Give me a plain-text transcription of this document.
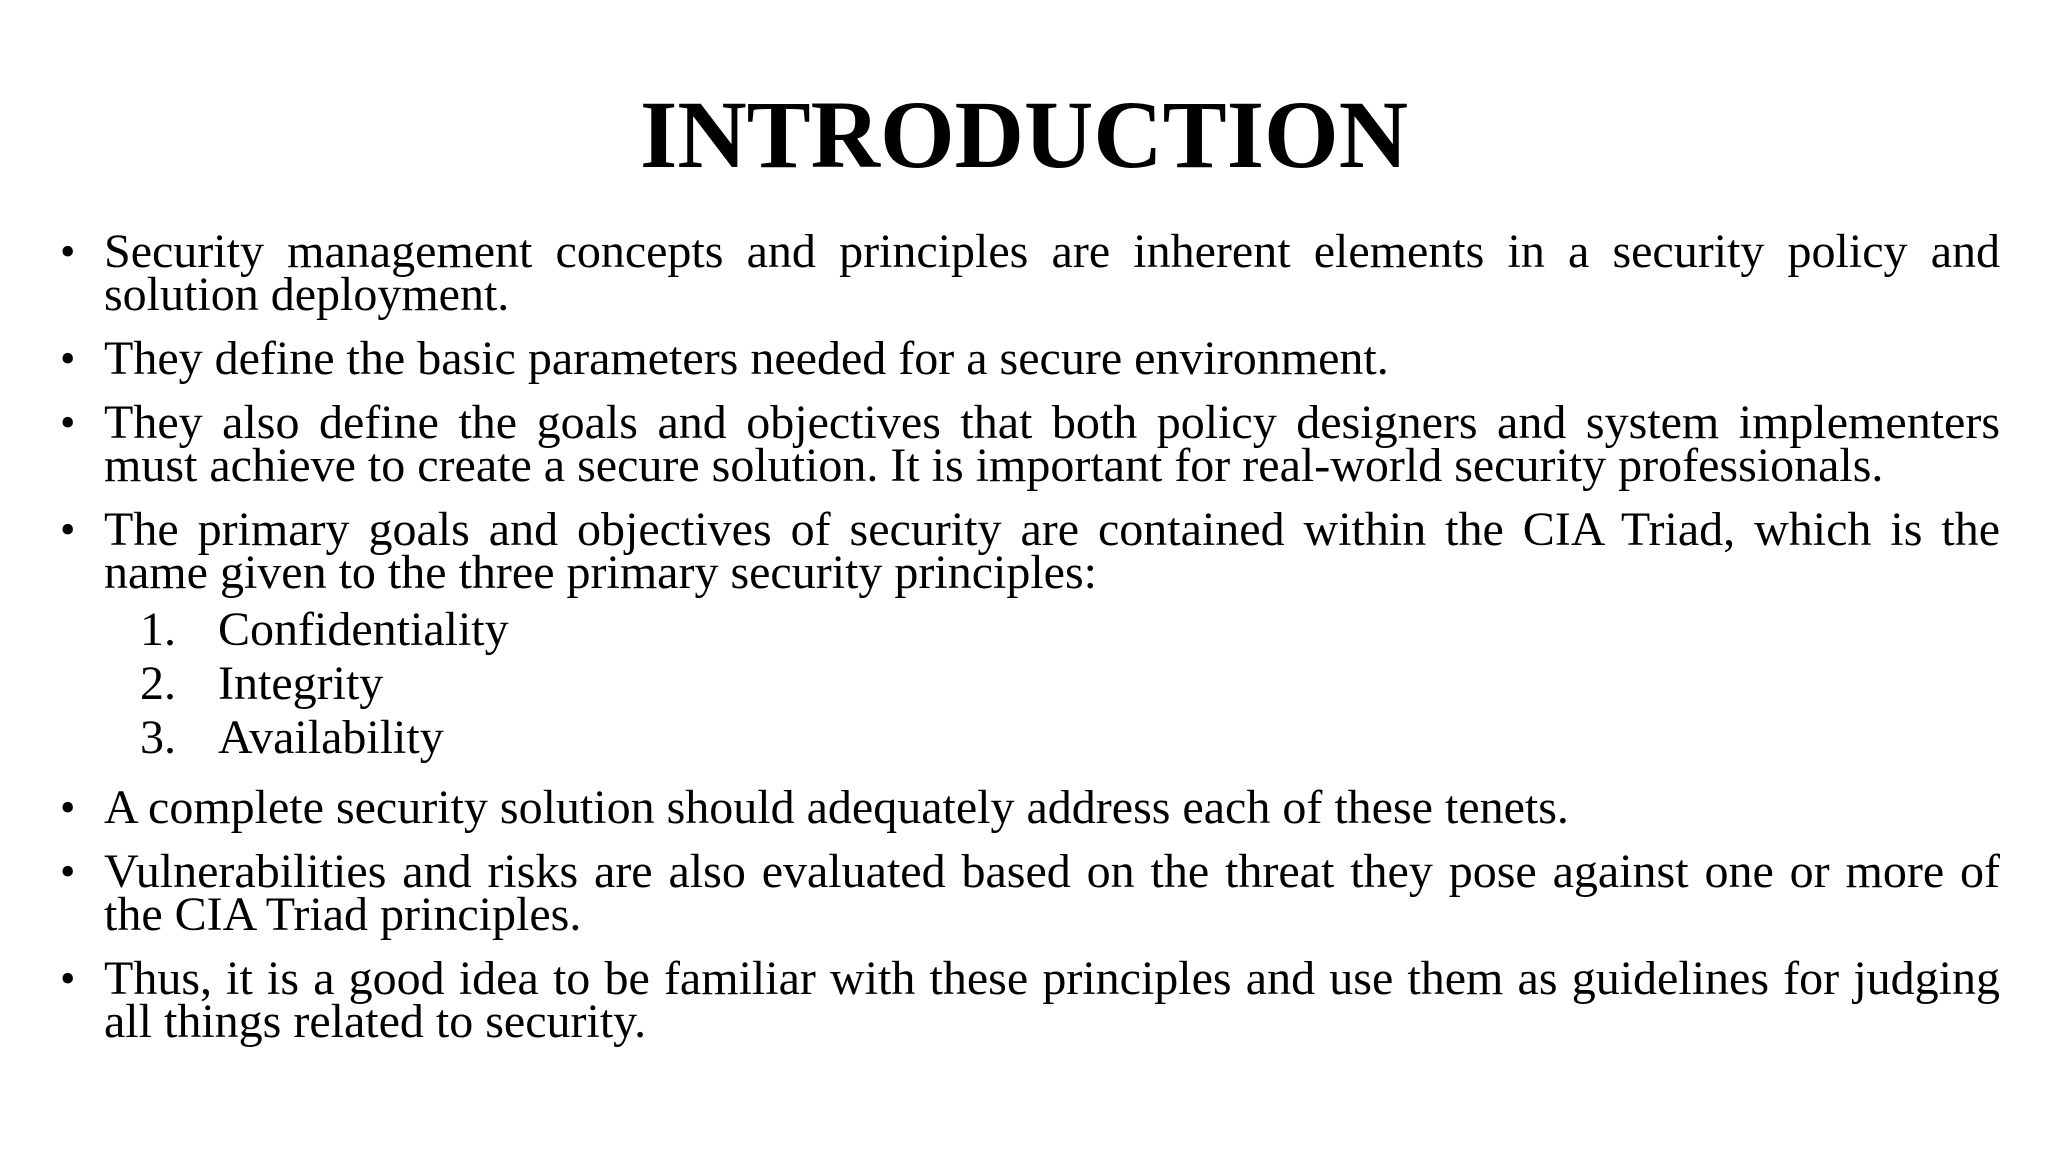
INTRODUCTION
• Security management concepts and principles are inherent elements in a security policy and solution deployment.
• They define the basic parameters needed for a secure environment.
• They also define the goals and objectives that both policy designers and system implementers must achieve to create a secure solution. It is important for real-world security professionals.
• The primary goals and objectives of security are contained within the CIA Triad, which is the name given to the three primary security principles:
1. Confidentiality
2. Integrity
3. Availability
• A complete security solution should adequately address each of these tenets.
• Vulnerabilities and risks are also evaluated based on the threat they pose against one or more of the CIA Triad principles.
• Thus, it is a good idea to be familiar with these principles and use them as guidelines for judging all things related to security.
